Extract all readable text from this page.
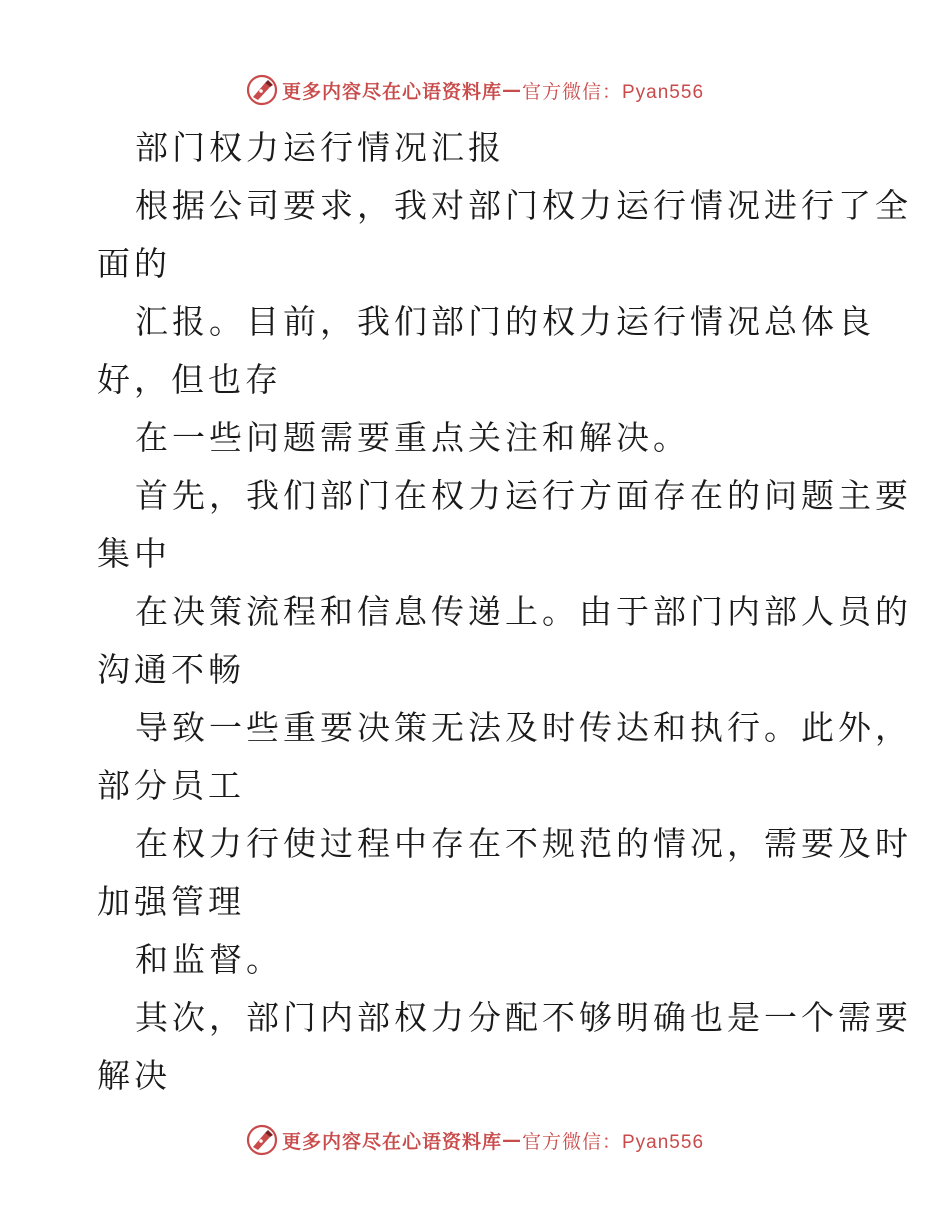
更多内容尽在心语资料库 — 官方微信：Pyan556
部门权力运行情况汇报
根据公司要求，我对部门权力运行情况进行了全
面的
汇报。目前，我们部门的权力运行情况总体良
好，但也存
在一些问题需要重点关注和解决。
首先，我们部门在权力运行方面存在的问题主要
集中
在决策流程和信息传递上。由于部门内部人员的
沟通不畅
导致一些重要决策无法及时传达和执行。此外，
部分员工
在权力行使过程中存在不规范的情况，需要及时
加强管理
和监督。
其次，部门内部权力分配不够明确也是一个需要
解决
更多内容尽在心语资料库 — 官方微信：Pyan556
